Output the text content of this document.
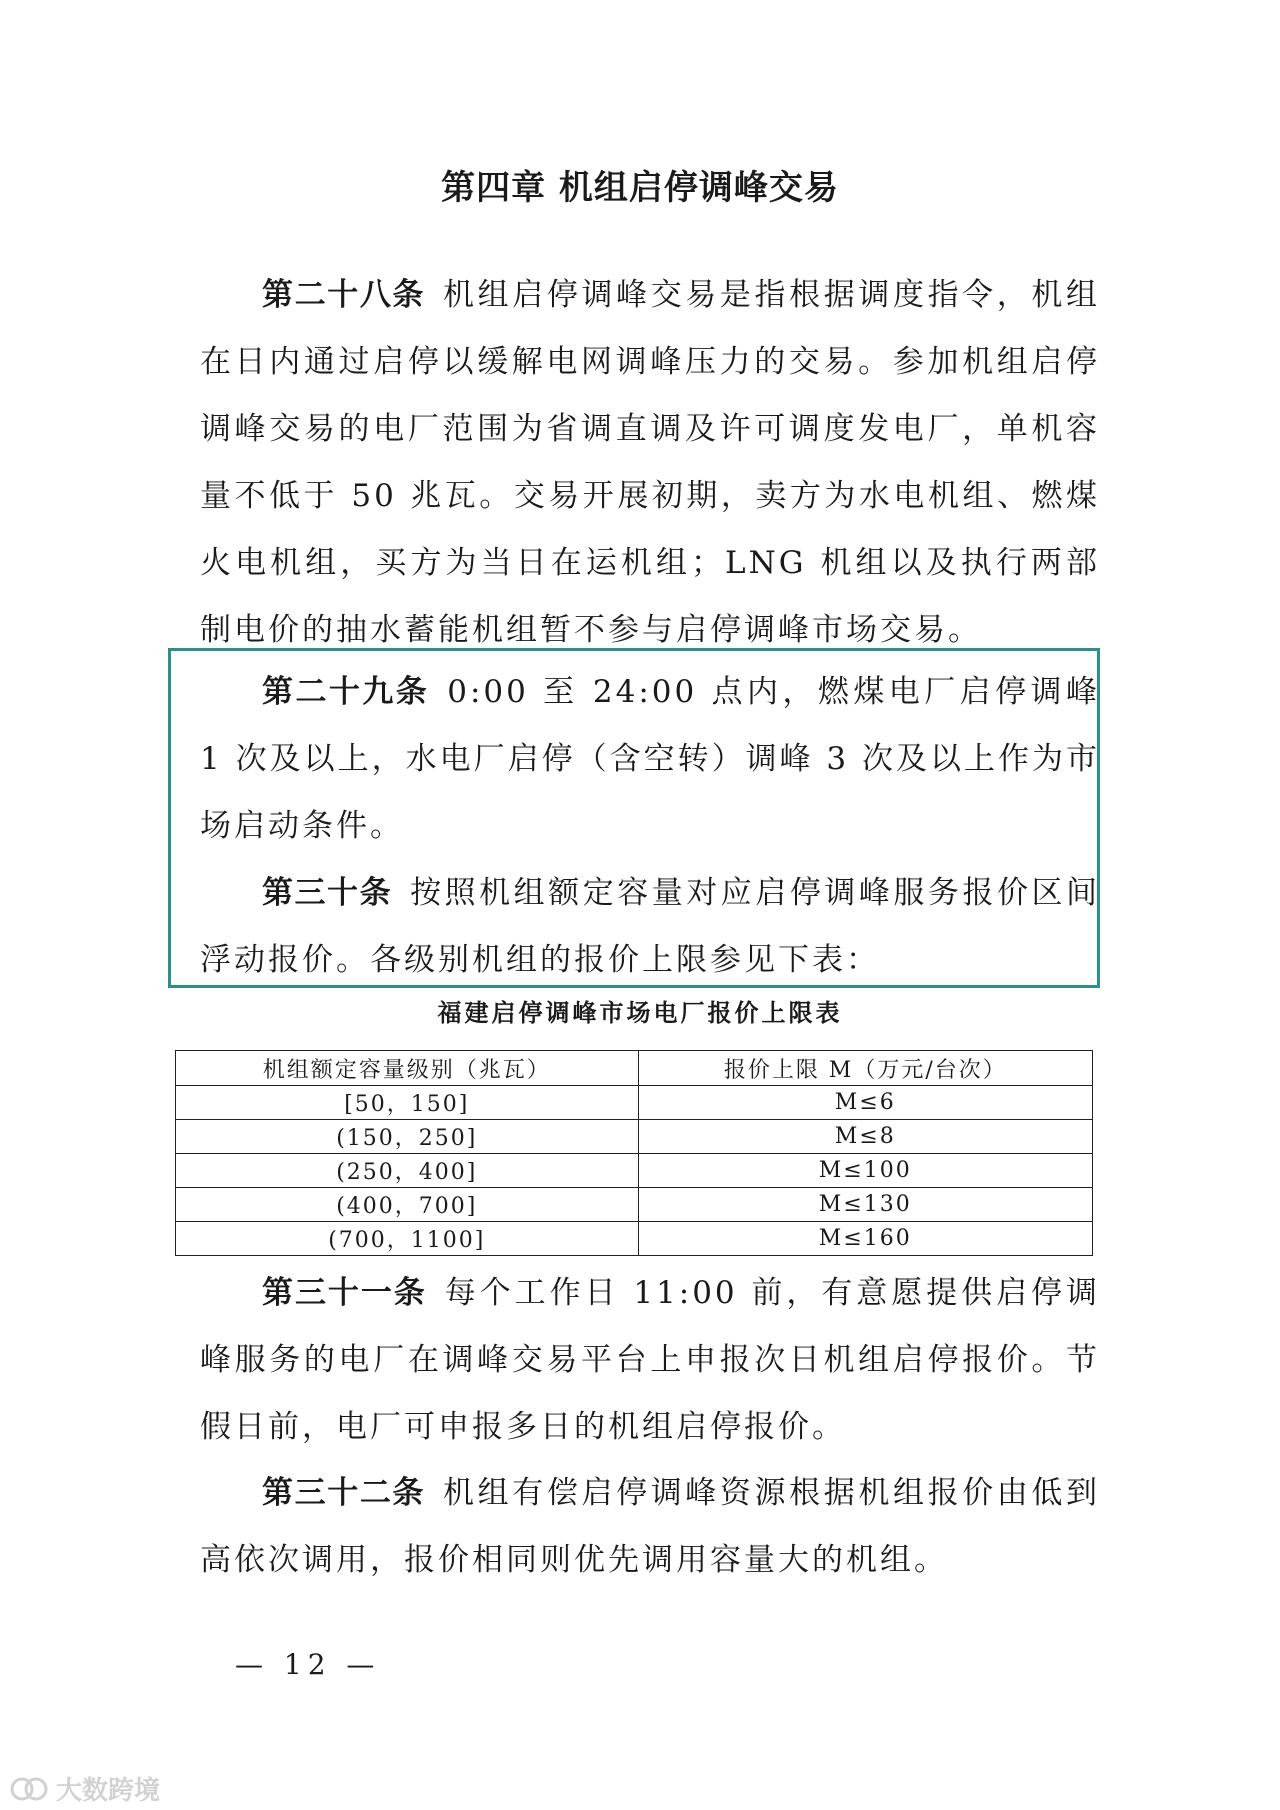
第四章 机组启停调峰交易

第二十八条 机组启停调峰交易是指根据调度指令，机组在日内通过启停以缓解电网调峰压力的交易。参加机组启停调峰交易的电厂范围为省调直调及许可调度发电厂，单机容量不低于 50 兆瓦。交易开展初期，卖方为水电机组、燃煤火电机组，买方为当日在运机组；LNG 机组以及执行两部制电价的抽水蓄能机组暂不参与启停调峰市场交易。

第二十九条 0:00 至 24:00 点内，燃煤电厂启停调峰 1 次及以上，水电厂启停（含空转）调峰 3 次及以上作为市场启动条件。

第三十条 按照机组额定容量对应启停调峰服务报价区间浮动报价。各级别机组的报价上限参见下表：

福建启停调峰市场电厂报价上限表
机组额定容量级别（兆瓦）	报价上限 M（万元/台次）
[50，150]	M≤6
(150，250]	M≤8
(250，400]	M≤100
(400，700]	M≤130
(700，1100]	M≤160

第三十一条 每个工作日 11:00 前，有意愿提供启停调峰服务的电厂在调峰交易平台上申报次日机组启停报价。节假日前，电厂可申报多日的机组启停报价。

第三十二条 机组有偿启停调峰资源根据机组报价由低到高依次调用，报价相同则优先调用容量大的机组。

— 12 —
大数跨境
